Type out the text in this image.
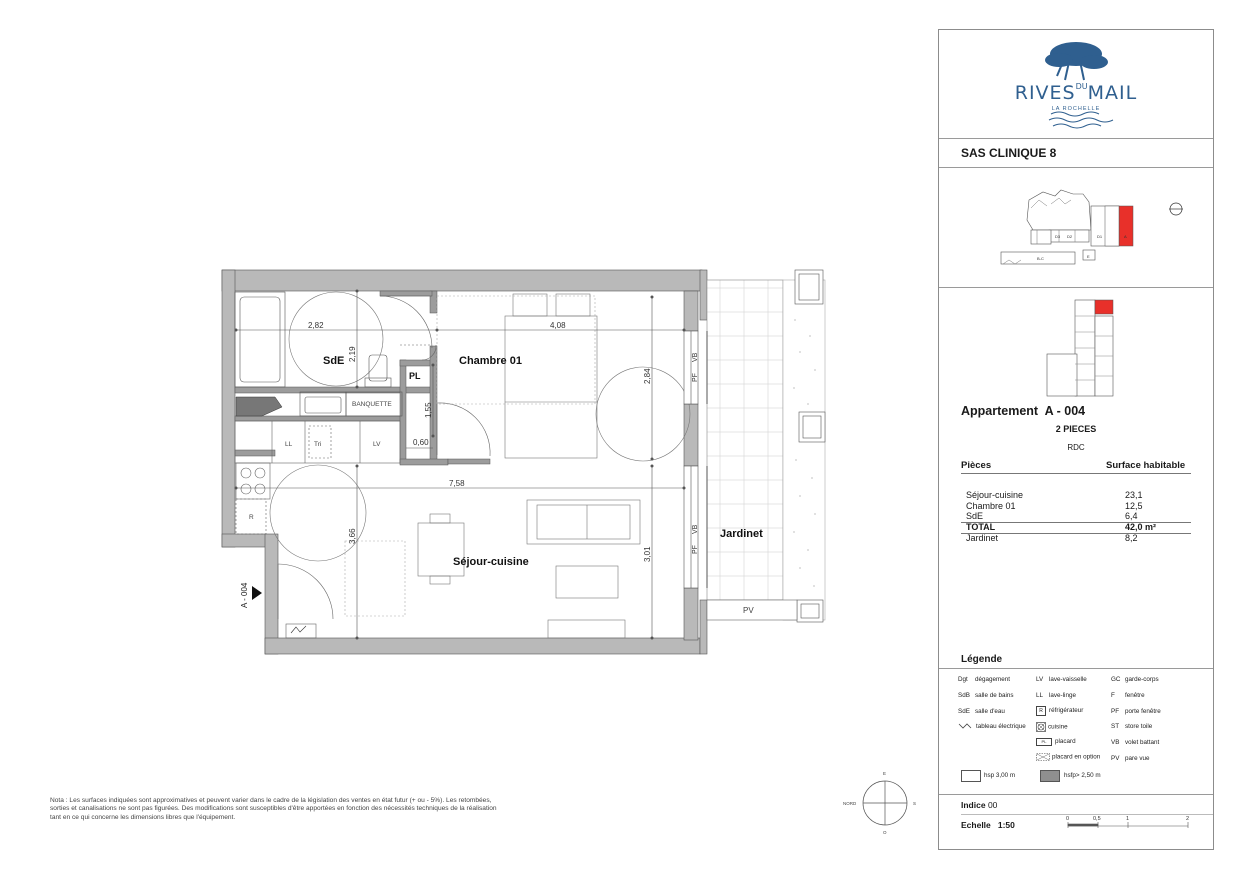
2,82	4,08
2,19
2,84
1,55
0,60
7,58
3,66
3,01
SdE	Chambre 01
Séjour-cuisine
Jardinet
PL
BANQUETTE
LL	Tri	LV
R
PV
PF
VB
PF
VB
A - 004
E
NORD	S
O
Nota : Les surfaces indiquées sont approximatives et peuvent varier dans le cadre de la législation des ventes en état futur (+ ou - 5%). Les retombées, sorties et canalisations ne sont pas figurées. Des modifications sont susceptibles d'être apportées en fonction des nécessités techniques de la réalisation tant en ce qui concerne les dimensions libres que l'équipement.
$RIVES^{DU}MAIL$
LA ROCHELLE
SAS CLINIQUE 8
D3 D2	D1	A
B-C	E
Appartement  A - 004
2 PIECES
RDC
Pièces	Surface habitable
Séjour-cuisine	23,1
Chambre 01	12,5
SdE	6,4
TOTAL	42,0 m²
Jardinet	8,2
Légende
Dgt dégagement
SdB salle de bains
SdE salle d'eau
tableau électrique
LV lave-vaisselle
LL lave-linge
R réfrigérateur
cuisine
PL placard
placard en option
GC garde-corps
F fenêtre
PF porte fenêtre
ST store toile
VB volet battant
PV pare vue
hsp 3,00 m	hsfp> 2,50 m
Indice 00
Echelle 1:50
0	0,5	1	2
